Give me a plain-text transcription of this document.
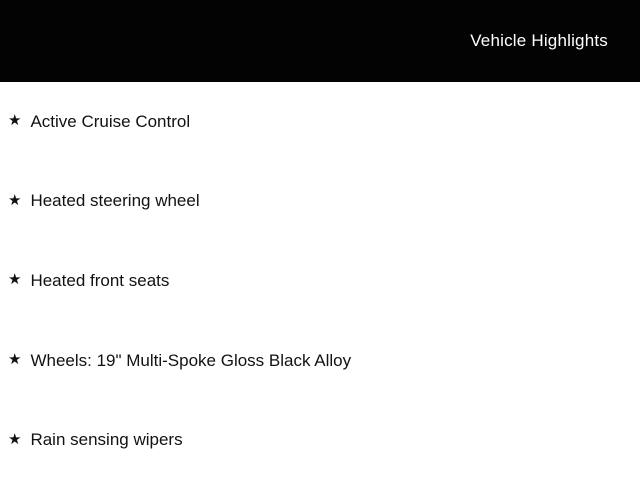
Vehicle Highlights
★ Active Cruise Control
★ Heated steering wheel
★ Heated front seats
★ Wheels: 19" Multi-Spoke Gloss Black Alloy
★ Rain sensing wipers
